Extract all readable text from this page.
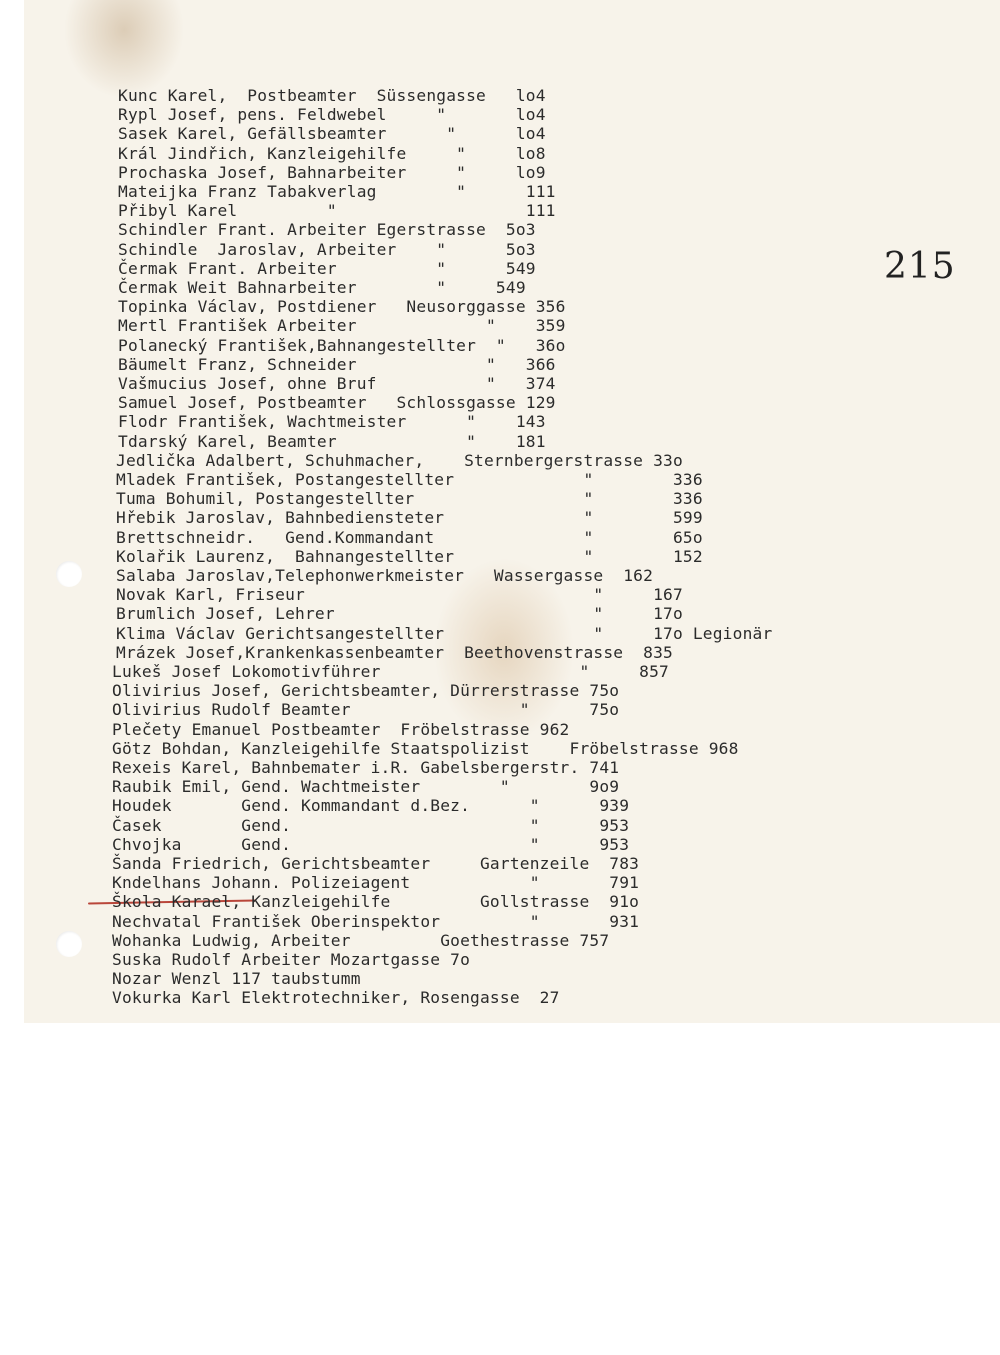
215
Kunc Karel,  Postbeamter  Süssengasse   lo4
Rypl Josef, pens. Feldwebel     "       lo4
Sasek Karel, Gefällsbeamter      "      lo4
Král Jindřich, Kanzleigehilfe     "     lo8
Prochaska Josef, Bahnarbeiter     "     lo9
Mateijka Franz Tabakverlag        "      111
Přibyl Karel         "                   111
Schindler Frant. Arbeiter Egerstrasse  5o3
Schindle  Jaroslav, Arbeiter    "      5o3
Čermak Frant. Arbeiter          "      549
Čermak Weit Bahnarbeiter        "     549
Topinka Václav, Postdiener   Neusorggasse 356
Mertl František Arbeiter             "    359
Polanecký František,Bahnangestellter  "   36o
Bäumelt Franz, Schneider             "   366
Vašmucius Josef, ohne Bruf           "   374
Samuel Josef, Postbeamter   Schlossgasse 129
Flodr František, Wachtmeister      "    143
Tdarský Karel, Beamter             "    181
Jedlička Adalbert, Schuhmacher,    Sternbergerstrasse 33o
Mladek František, Postangestellter             "        336
Tuma Bohumil, Postangestellter                 "        336
Hřebik Jaroslav, Bahnbediensteter              "        599
Brettschneidr.   Gend.Kommandant               "        65o
Kolařik Laurenz,  Bahnangestellter             "        152
Salaba Jaroslav,Telephonwerkmeister   Wassergasse  162
Novak Karl, Friseur                             "     167
Brumlich Josef, Lehrer                          "     17o
Klima Václav Gerichtsangestellter               "     17o Legionär
Mrázek Josef,Krankenkassenbeamter  Beethovenstrasse  835
Lukeš Josef Lokomotivführer                    "     857
Olivirius Josef, Gerichtsbeamter, Dürrerstrasse 75o
Olivirius Rudolf Beamter                 "      75o
Plečety Emanuel Postbeamter  Fröbelstrasse 962
Götz Bohdan, Kanzleigehilfe Staatspolizist    Fröbelstrasse 968
Rexeis Karel, Bahnbemater i.R. Gabelsbergerstr. 741
Raubik Emil, Gend. Wachtmeister        "        9o9
Houdek       Gend. Kommandant d.Bez.      "      939
Časek        Gend.                        "      953
Chvojka      Gend.                        "      953
Šanda Friedrich, Gerichtsbeamter     Gartenzeile  783
Kndelhans Johann. Polizeiagent            "       791
Škola Karael, Kanzleigehilfe         Gollstrasse  91o
Nechvatal František Oberinspektor         "       931
Wohanka Ludwig, Arbeiter         Goethestrasse 757
Suska Rudolf Arbeiter Mozartgasse 7o
Nozar Wenzl 117 taubstumm
Vokurka Karl Elektrotechniker, Rosengasse  27
